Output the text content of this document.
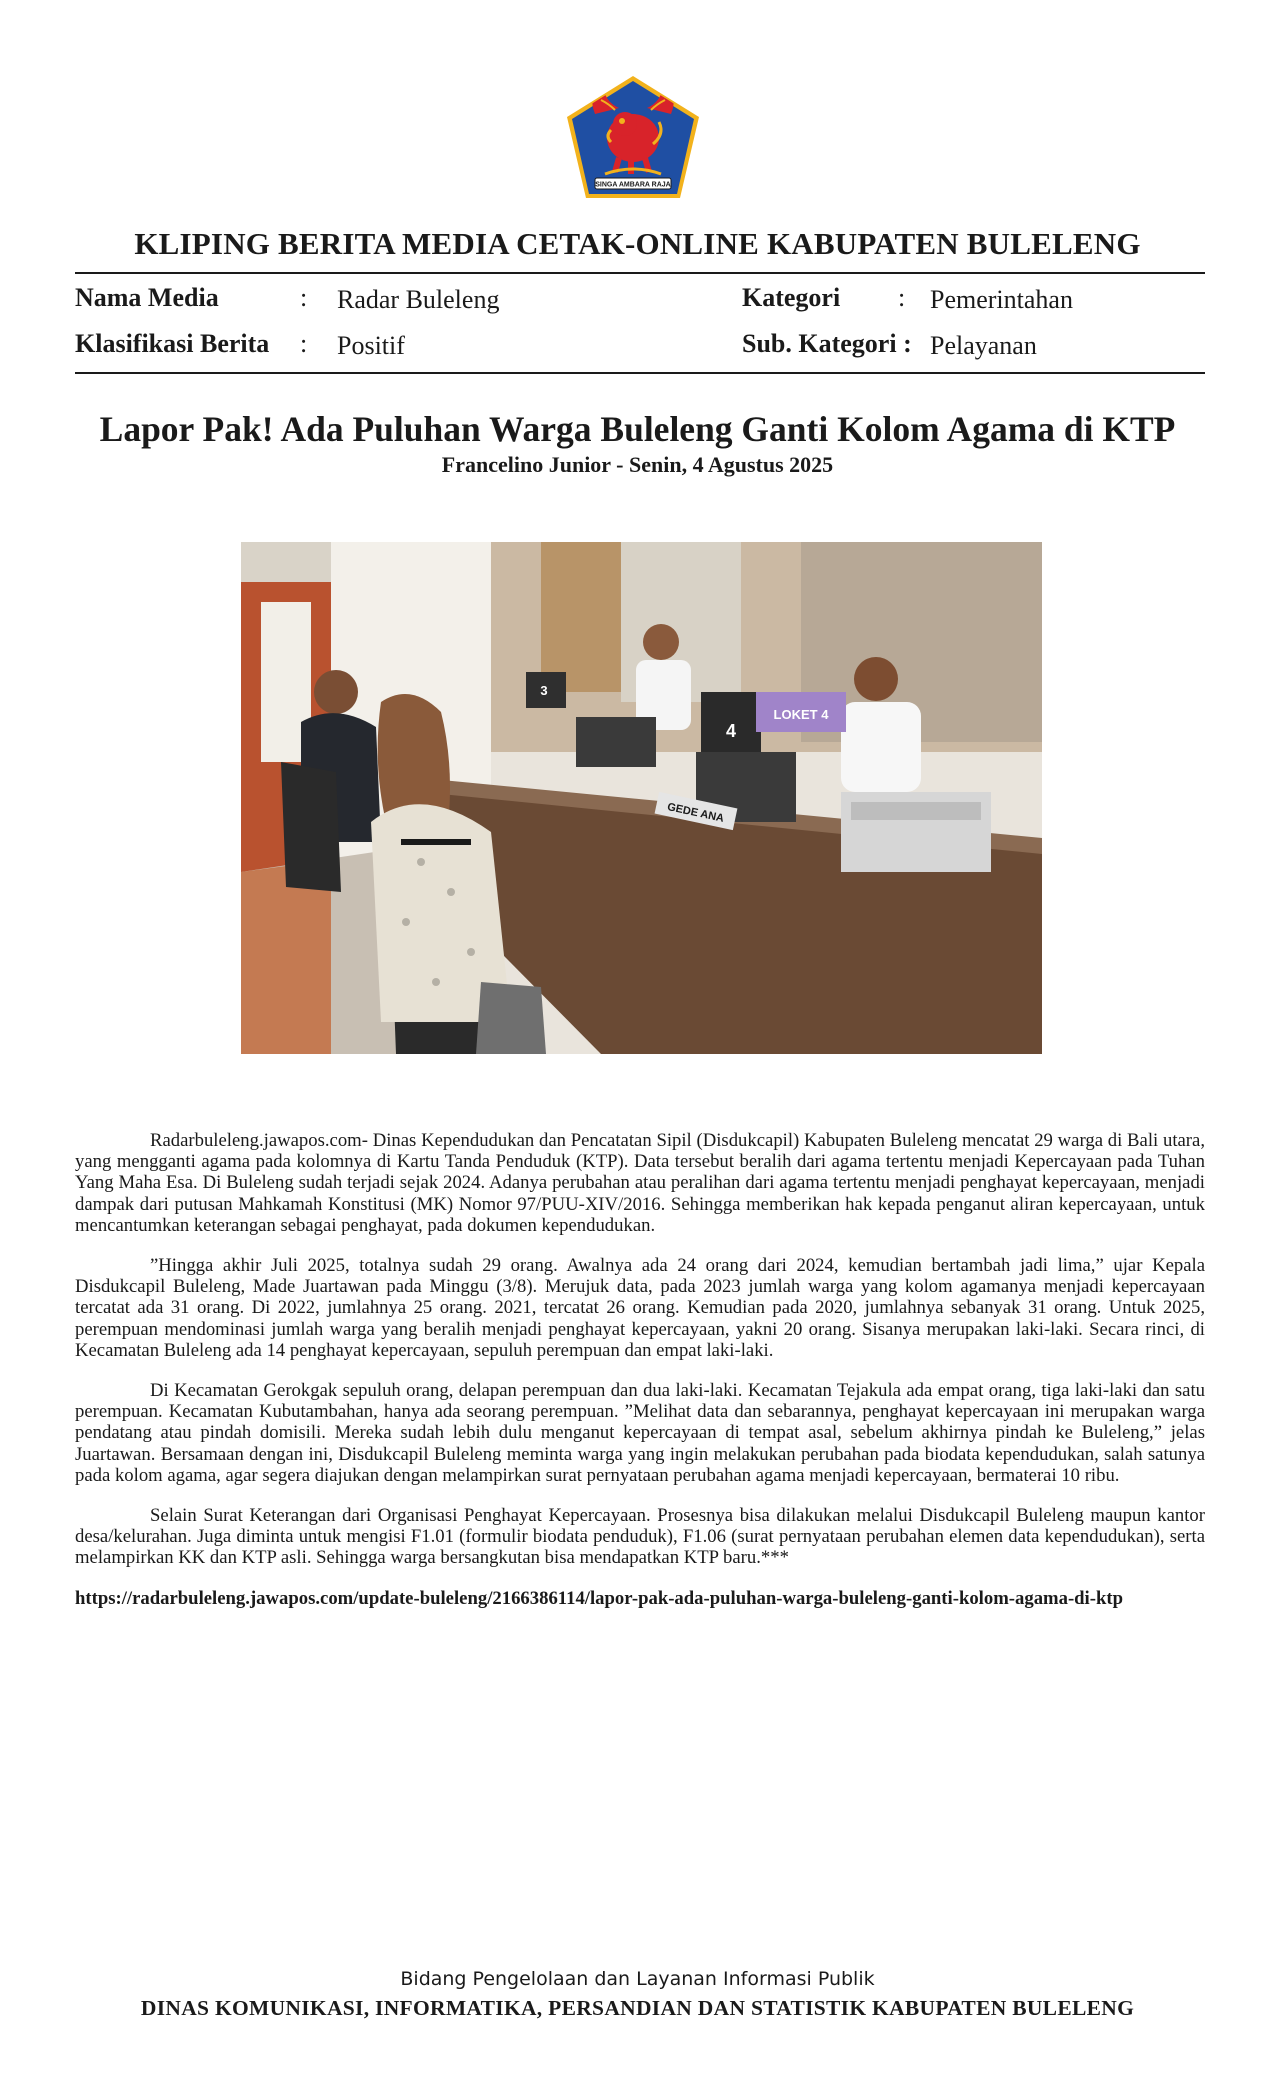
SINGA AMBARA RAJA
KLIPING BERITA MEDIA CETAK-ONLINE KABUPATEN BULELENG
Nama Media	: Radar Buleleng
Klasifikasi Berita : Positif
Kategori : Pemerintahan
Sub. Kategori : Pelayanan
Lapor Pak! Ada Puluhan Warga Buleleng Ganti Kolom Agama di KTP
Francelino Junior - Senin, 4 Agustus 2025
4
LOKET 4
3
GEDE ANA

Radarbuleleng.jawapos.com- Dinas Kependudukan dan Pencatatan Sipil (Disdukcapil) Kabupaten Buleleng mencatat 29 warga di Bali utara, yang mengganti agama pada kolomnya di Kartu Tanda Penduduk (KTP). Data tersebut beralih dari agama tertentu menjadi Kepercayaan pada Tuhan Yang Maha Esa. Di Buleleng sudah terjadi sejak 2024. Adanya perubahan atau peralihan dari agama tertentu menjadi penghayat kepercayaan, menjadi dampak dari putusan Mahkamah Konstitusi (MK) Nomor 97/PUU-XIV/2016. Sehingga memberikan hak kepada penganut aliran kepercayaan, untuk mencantumkan keterangan sebagai penghayat, pada dokumen kependudukan.

”Hingga akhir Juli 2025, totalnya sudah 29 orang. Awalnya ada 24 orang dari 2024, kemudian bertambah jadi lima,” ujar Kepala Disdukcapil Buleleng, Made Juartawan pada Minggu (3/8). Merujuk data, pada 2023 jumlah warga yang kolom agamanya menjadi kepercayaan tercatat ada 31 orang. Di 2022, jumlahnya 25 orang. 2021, tercatat 26 orang. Kemudian pada 2020, jumlahnya sebanyak 31 orang. Untuk 2025, perempuan mendominasi jumlah warga yang beralih menjadi penghayat kepercayaan, yakni 20 orang. Sisanya merupakan laki-laki. Secara rinci, di Kecamatan Buleleng ada 14 penghayat kepercayaan, sepuluh perempuan dan empat laki-laki.

Di Kecamatan Gerokgak sepuluh orang, delapan perempuan dan dua laki-laki. Kecamatan Tejakula ada empat orang, tiga laki-laki dan satu perempuan. Kecamatan Kubutambahan, hanya ada seorang perempuan. ”Melihat data dan sebarannya, penghayat kepercayaan ini merupakan warga pendatang atau pindah domisili. Mereka sudah lebih dulu menganut kepercayaan di tempat asal, sebelum akhirnya pindah ke Buleleng,” jelas Juartawan. Bersamaan dengan ini, Disdukcapil Buleleng meminta warga yang ingin melakukan perubahan pada biodata kependudukan, salah satunya pada kolom agama, agar segera diajukan dengan melampirkan surat pernyataan perubahan agama menjadi kepercayaan, bermaterai 10 ribu.

Selain Surat Keterangan dari Organisasi Penghayat Kepercayaan. Prosesnya bisa dilakukan melalui Disdukcapil Buleleng maupun kantor desa/kelurahan. Juga diminta untuk mengisi F1.01 (formulir biodata penduduk), F1.06 (surat pernyataan perubahan elemen data kependudukan), serta melampirkan KK dan KTP asli. Sehingga warga bersangkutan bisa mendapatkan KTP baru.***

https://radarbuleleng.jawapos.com/update-buleleng/2166386114/lapor-pak-ada-puluhan-warga-buleleng-ganti-kolom-agama-di-ktp

Bidang Pengelolaan dan Layanan Informasi Publik
DINAS KOMUNIKASI, INFORMATIKA, PERSANDIAN DAN STATISTIK KABUPATEN BULELENG
